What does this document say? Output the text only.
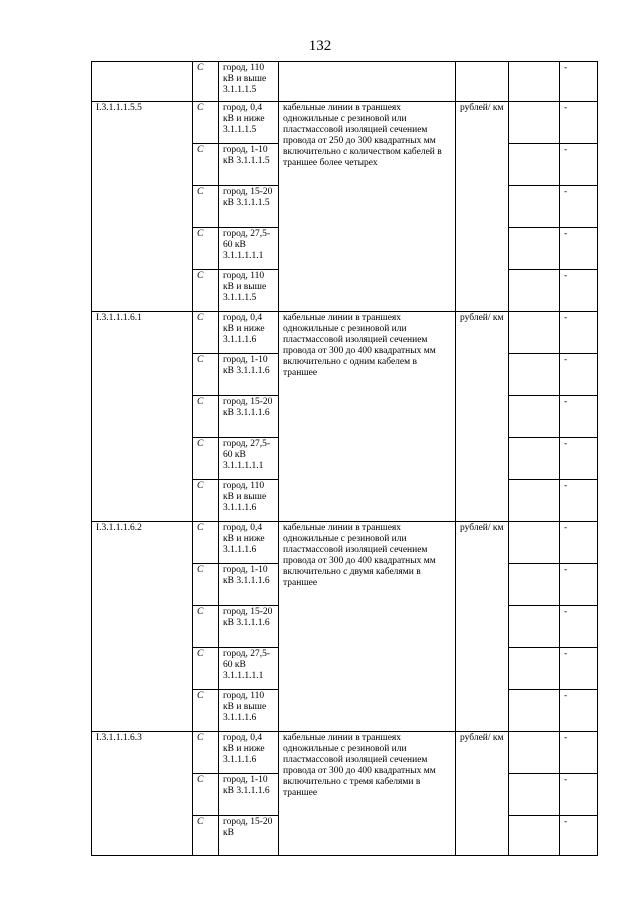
132
	C	город, 110 кВ и выше 3.1.1.1.5				-
I.3.1.1.1.5.5	C	город, 0,4 кВ и ниже 3.1.1.1.5	кабельные линии в траншеях одножильные с резиновой или пластмассовой изоляцией сечением провода от 250 до 300 квадратных мм включительно с количеством кабелей в траншее более четырех	рублей/ км		-
	C	город, 1-10 кВ 3.1.1.1.5				-
	C	город, 15-20 кВ 3.1.1.1.5				-
	C	город, 27,5-60 кВ 3.1.1.1.1.1				-
	C	город, 110 кВ и выше 3.1.1.1.5				-
I.3.1.1.1.6.1	C	город, 0,4 кВ и ниже 3.1.1.1.6	кабельные линии в траншеях одножильные с резиновой или пластмассовой изоляцией сечением провода от 300 до 400 квадратных мм включительно с одним кабелем в траншее	рублей/ км		-
	C	город, 1-10 кВ 3.1.1.1.6				-
	C	город, 15-20 кВ 3.1.1.1.6				-
	C	город, 27,5-60 кВ 3.1.1.1.1.1				-
	C	город, 110 кВ и выше 3.1.1.1.6				-
I.3.1.1.1.6.2	C	город, 0,4 кВ и ниже 3.1.1.1.6	кабельные линии в траншеях одножильные с резиновой или пластмассовой изоляцией сечением провода от 300 до 400 квадратных мм включительно с двумя кабелями в траншее	рублей/ км		-
	C	город, 1-10 кВ 3.1.1.1.6				-
	C	город, 15-20 кВ 3.1.1.1.6				-
	C	город, 27,5-60 кВ 3.1.1.1.1.1				-
	C	город, 110 кВ и выше 3.1.1.1.6				-
I.3.1.1.1.6.3	C	город, 0,4 кВ и ниже 3.1.1.1.6	кабельные линии в траншеях одножильные с резиновой или пластмассовой изоляцией сечением провода от 300 до 400 квадратных мм включительно с тремя кабелями в траншее	рублей/ км		-
	C	город, 1-10 кВ 3.1.1.1.6				-
	C	город, 15-20 кВ				-
